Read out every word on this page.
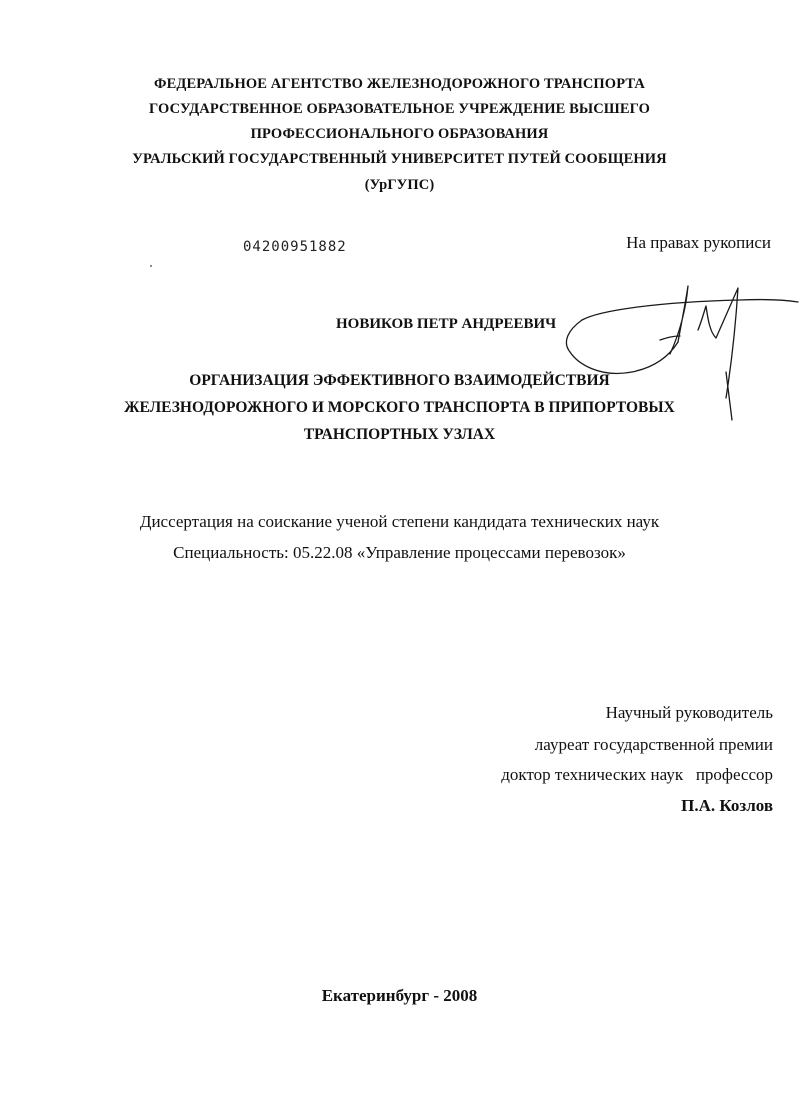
ФЕДЕРАЛЬНОЕ АГЕНТСТВО ЖЕЛЕЗНОДОРОЖНОГО ТРАНСПОРТА
ГОСУДАРСТВЕННОЕ ОБРАЗОВАТЕЛЬНОЕ УЧРЕЖДЕНИЕ ВЫСШЕГО
ПРОФЕССИОНАЛЬНОГО ОБРАЗОВАНИЯ
УРАЛЬСКИЙ ГОСУДАРСТВЕННЫЙ УНИВЕРСИТЕТ ПУТЕЙ СООБЩЕНИЯ
(УрГУПС)
04200951882	На правах рукописи
НОВИКОВ ПЕТР АНДРЕЕВИЧ
ОРГАНИЗАЦИЯ ЭФФЕКТИВНОГО ВЗАИМОДЕЙСТВИЯ
ЖЕЛЕЗНОДОРОЖНОГО И МОРСКОГО ТРАНСПОРТА В ПРИПОРТОВЫХ
ТРАНСПОРТНЫХ УЗЛАХ
Диссертация на соискание ученой степени кандидата технических наук
Специальность: 05.22.08 «Управление процессами перевозок»
Научный руководитель
лауреат государственной премии
доктор технических наук   профессор
П.А. Козлов
Екатеринбург - 2008
